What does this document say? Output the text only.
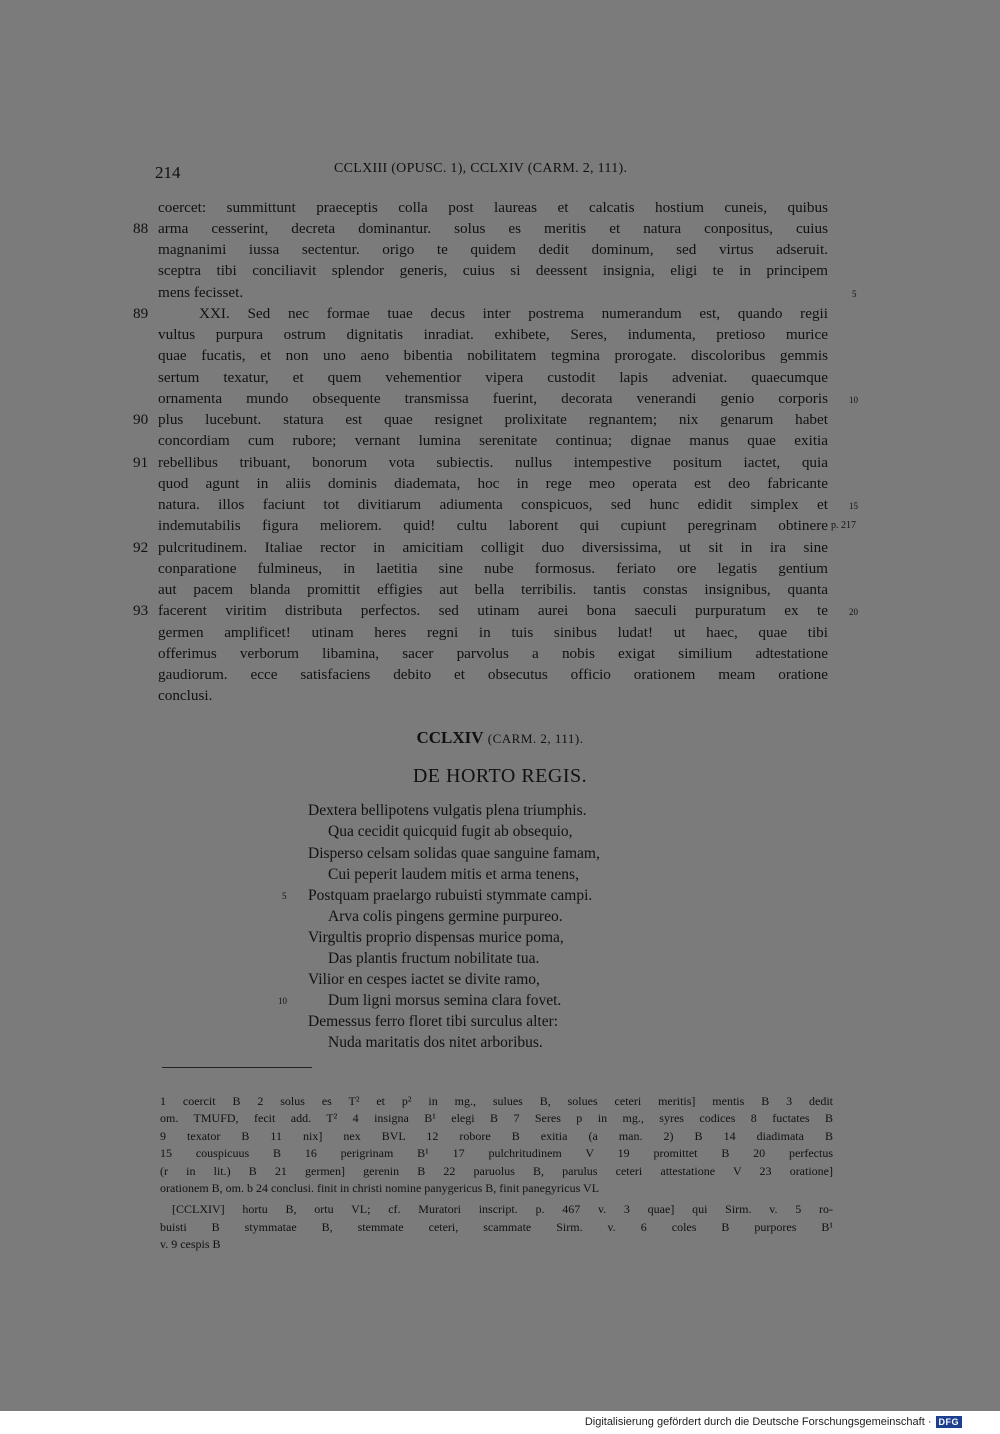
214	CCLXIII (OPUSC. 1), CCLXIV (CARM. 2, 111).
coercet: summittunt praeceptis colla post laureas et calcatis hostium cuneis, quibus
arma cesserint, decreta dominantur. solus es meritis et natura conpositus, cuius
magnanimi iussa sectentur. origo te quidem dedit dominum, sed virtus adseruit.
sceptra tibi conciliavit splendor generis, cuius si deessent insignia, eligi te in principem
mens fecisset.
XXI. Sed nec formae tuae decus inter postrema numerandum est, quando regii
vultus purpura ostrum dignitatis inradiat. exhibete, Seres, indumenta, pretioso murice
quae fucatis, et non uno aeno bibentia nobilitatem tegmina prorogate. discoloribus gemmis
sertum texatur, et quem vehementior vipera custodit lapis adveniat. quaecumque
ornamenta mundo obsequente transmissa fuerint, decorata venerandi genio corporis
plus lucebunt. statura est quae resignet prolixitate regnantem; nix genarum habet
concordiam cum rubore; vernant lumina serenitate continua; dignae manus quae exitia
rebellibus tribuant, bonorum vota subiectis. nullus intempestive positum iactet, quia
quod agunt in aliis dominis diademata, hoc in rege meo operata est deo fabricante
natura. illos faciunt tot divitiarum adiumenta conspicuos, sed hunc edidit simplex et
indemutabilis figura meliorem. quid! cultu laborent qui cupiunt peregrinam obtinere
pulcritudinem. Italiae rector in amicitiam colligit duo diversissima, ut sit in ira sine
conparatione fulmineus, in laetitia sine nube formosus. feriato ore legatis gentium
aut pacem blanda promittit effigies aut bella terribilis. tantis constas insignibus, quanta
facerent viritim distributa perfectos. sed utinam aurei bona saeculi purpuratum ex te
germen amplificet! utinam heres regni in tuis sinibus ludat! ut haec, quae tibi
offerimus verborum libamina, sacer parvolus a nobis exigat similium adtestatione
gaudiorum. ecce satisfaciens debito et obsecutus officio orationem meam oratione
conclusi.
88
89
90
91
92
93
5
10
15
p. 217
20
CCLXIV (CARM. 2, 111).
DE HORTO REGIS.
Dextera bellipotens vulgatis plena triumphis.
Qua cecidit quicquid fugit ab obsequio,
Disperso celsam solidas quae sanguine famam,
Cui peperit laudem mitis et arma tenens,
Postquam praelargo rubuisti stymmate campi.
Arva colis pingens germine purpureo.
Virgultis proprio dispensas murice poma,
Das plantis fructum nobilitate tua.
Vilior en cespes iactet se divite ramo,
Dum ligni morsus semina clara fovet.
Demessus ferro floret tibi surculus alter:
Nuda maritatis dos nitet arboribus.
5
10
1 coercit B 2 solus es T² et p² in mg., sulues B, solues ceteri meritis] mentis B 3 dedit
om. TMUFD, fecit add. T² 4 insigna B¹ elegi B 7 Seres p in mg., syres codices 8 fuctates B
9 texator B 11 nix] nex BVL 12 robore B exitia (a man. 2) B 14 diadimata B
15 couspicuus B 16 perigrinam B¹ 17 pulchritudinem V 19 promittet B 20 perfectus
(r in lit.) B 21 germen] gerenin B 22 paruolus B, parulus ceteri attestatione V 23 oratione]
orationem B, om. b 24 conclusi. finit in christi nomine panygericus B, finit panegyricus VL
[CCLXIV] hortu B, ortu VL; cf. Muratori inscript. p. 467 v. 3 quae] qui Sirm. v. 5 ro-
buisti B stymmatae B, stemmate ceteri, scammate Sirm. v. 6 coles B purpores B¹
v. 9 cespis B
Digitalisierung gefördert durch die Deutsche Forschungsgemeinschaft · DFG
